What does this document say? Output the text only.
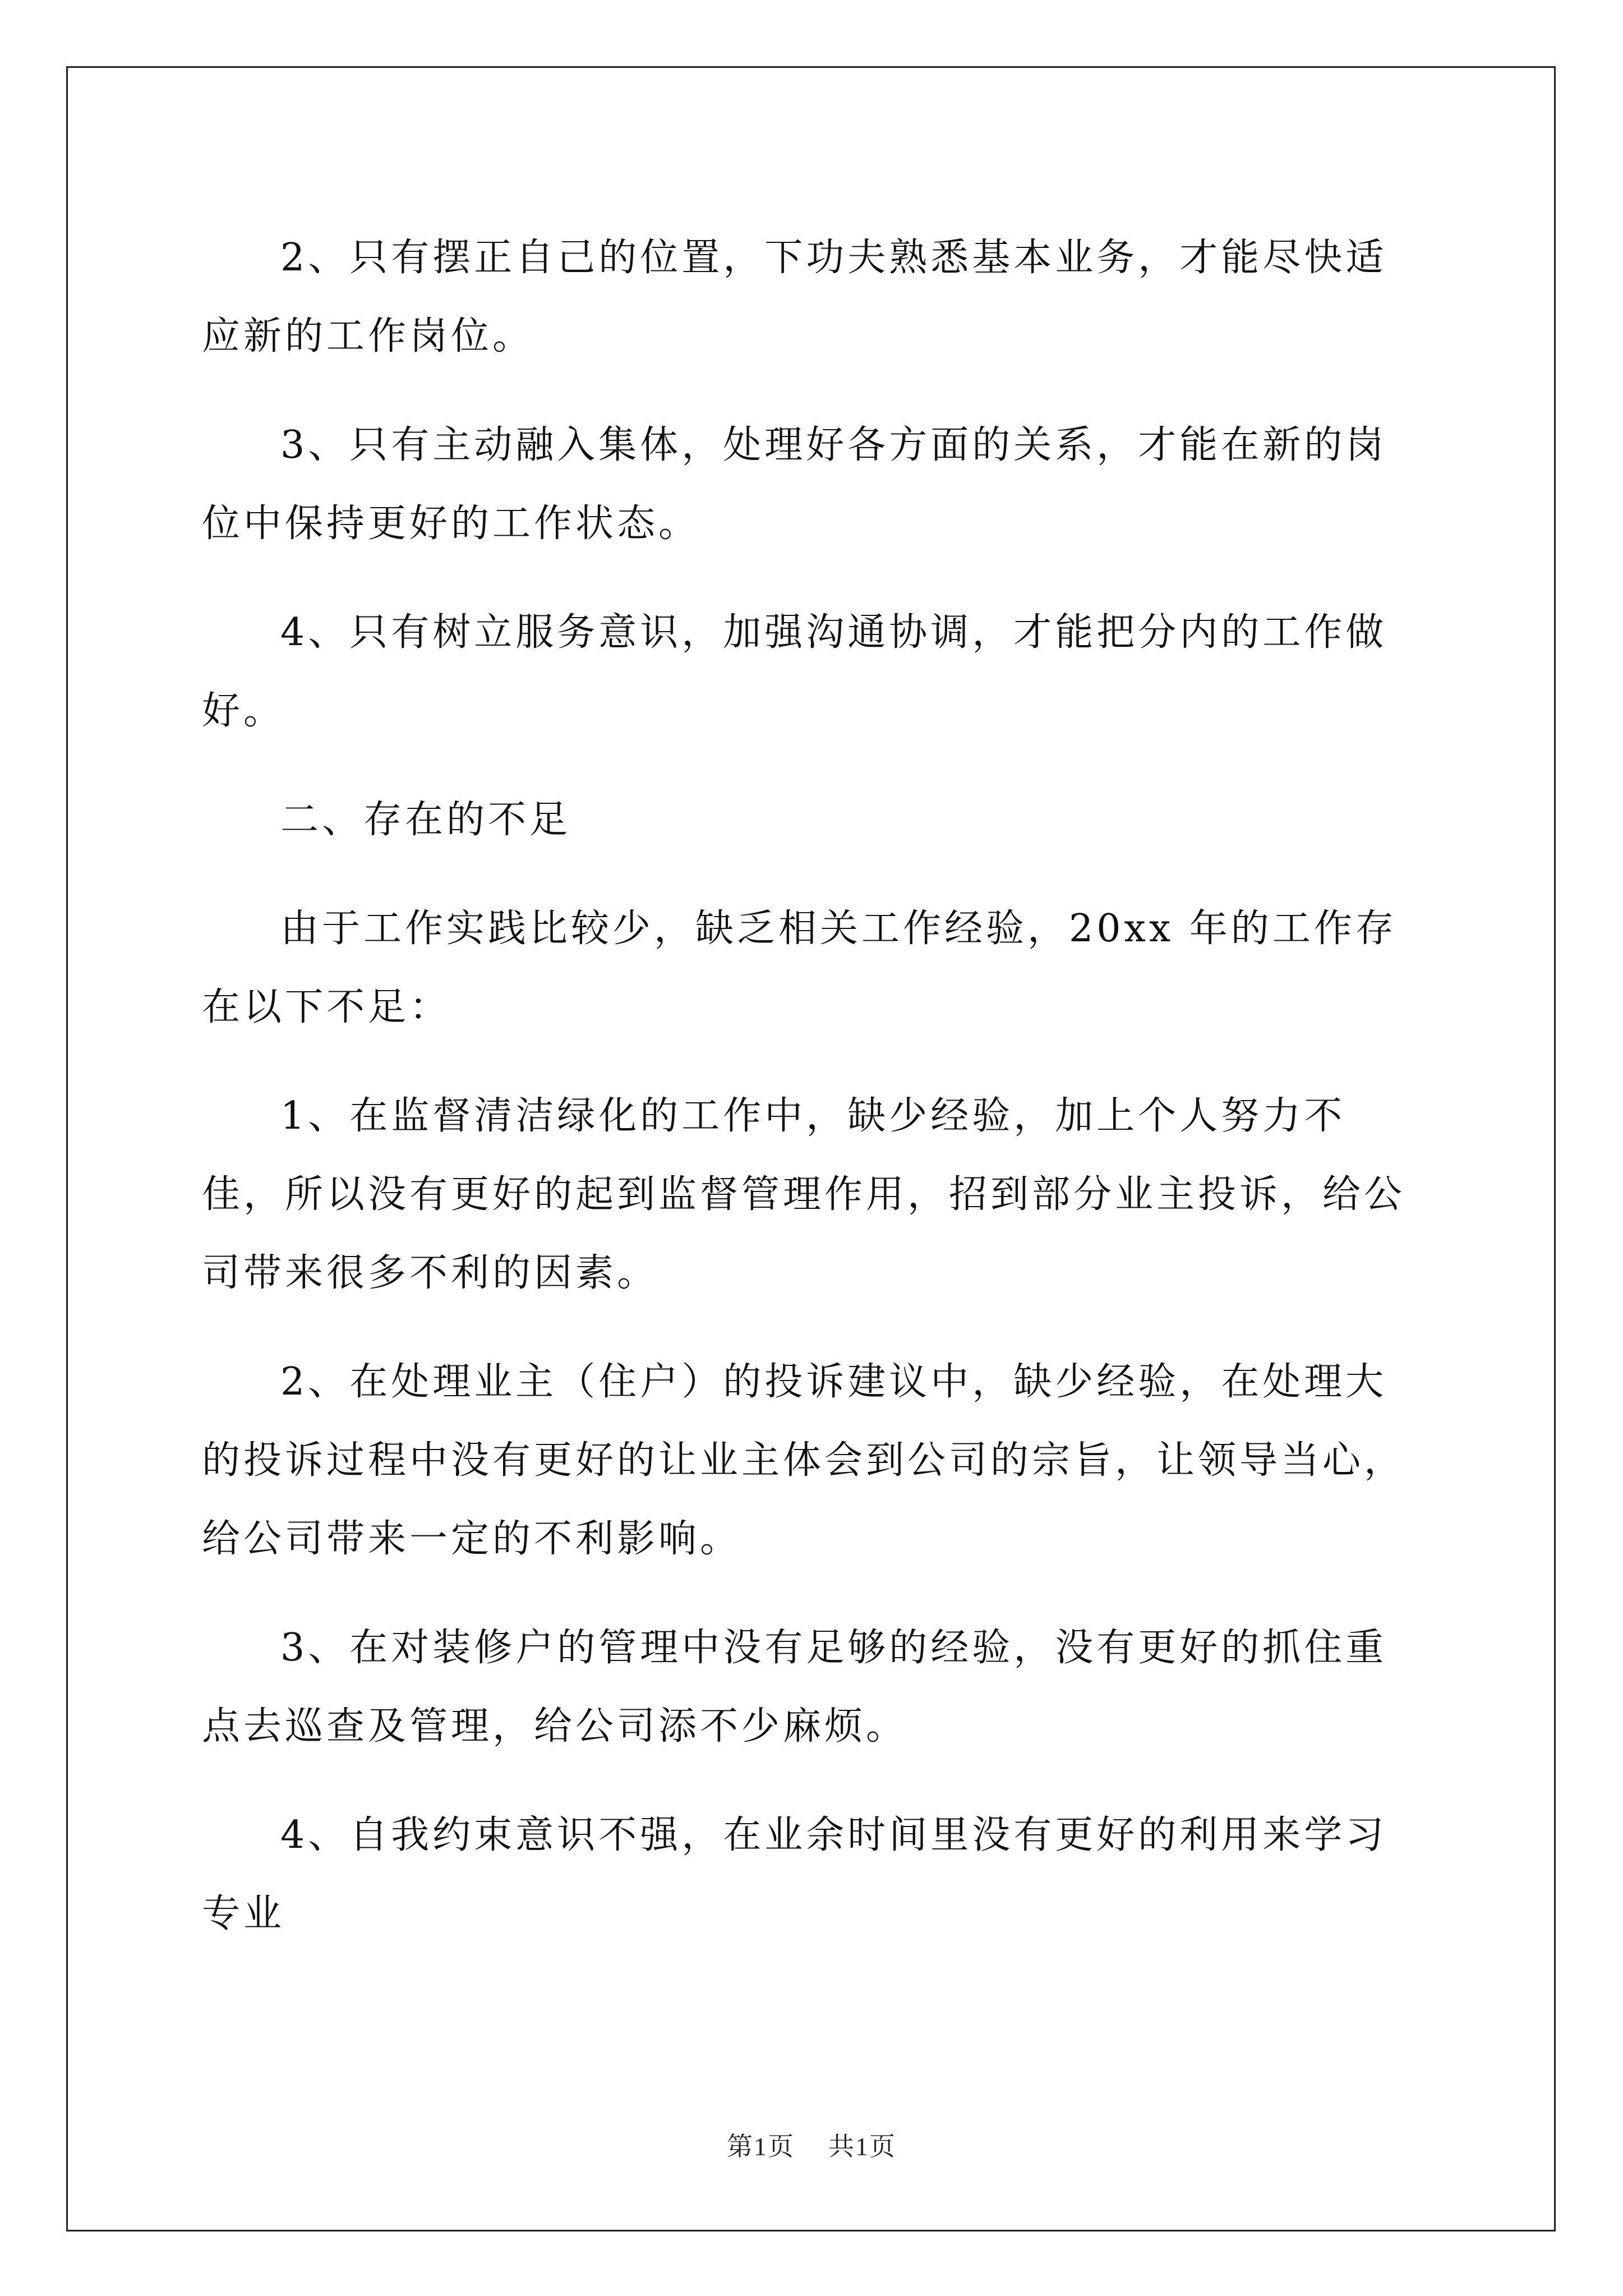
2、只有摆正自己的位置，下功夫熟悉基本业务，才能尽快适应新的工作岗位。

3、只有主动融入集体，处理好各方面的关系，才能在新的岗位中保持更好的工作状态。

4、只有树立服务意识，加强沟通协调，才能把分内的工作做好。

二、存在的不足

由于工作实践比较少，缺乏相关工作经验，20xx 年的工作存在以下不足：

1、在监督清洁绿化的工作中，缺少经验，加上个人努力不佳，所以没有更好的起到监督管理作用，招到部分业主投诉，给公司带来很多不利的因素。

2、在处理业主（住户）的投诉建议中，缺少经验，在处理大的投诉过程中没有更好的让业主体会到公司的宗旨，让领导当心，给公司带来一定的不利影响。

3、在对装修户的管理中没有足够的经验，没有更好的抓住重点去巡查及管理，给公司添不少麻烦。

4、自我约束意识不强，在业余时间里没有更好的利用来学习专业

第1页 共1页
